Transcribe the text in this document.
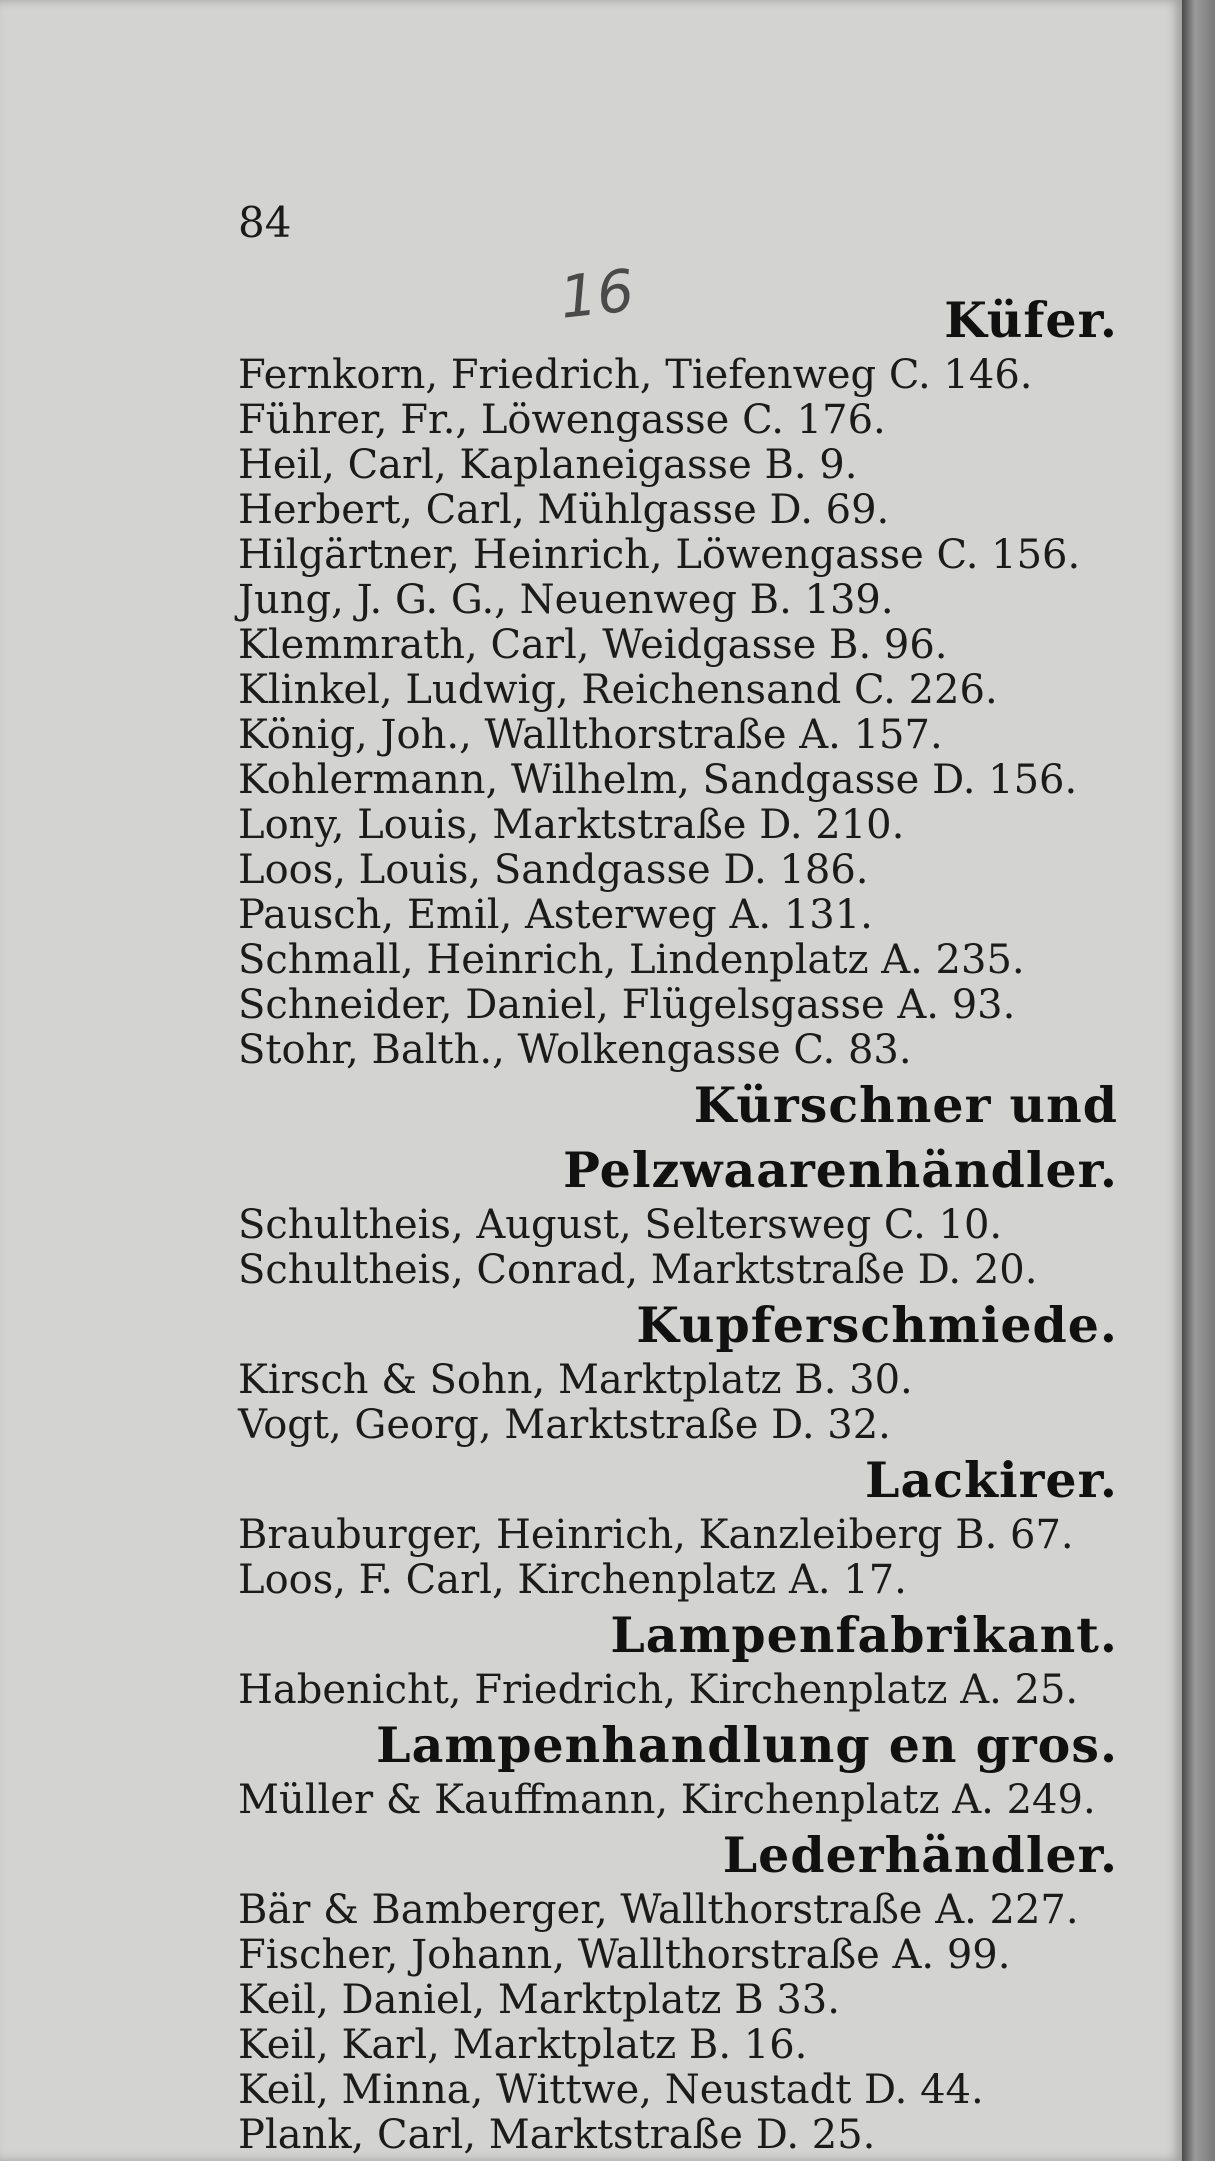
84
16	Küfer.
Fernkorn, Friedrich, Tiefenweg C. 146.
Führer, Fr., Löwengasse C. 176.
Heil, Carl, Kaplaneigasse B. 9.
Herbert, Carl, Mühlgasse D. 69.
Hilgärtner, Heinrich, Löwengasse C. 156.
Jung, J. G. G., Neuenweg B. 139.
Klemmrath, Carl, Weidgasse B. 96.
Klinkel, Ludwig, Reichensand C. 226.
König, Joh., Wallthorstraße A. 157.
Kohlermann, Wilhelm, Sandgasse D. 156.
Lony, Louis, Marktstraße D. 210.
Loos, Louis, Sandgasse D. 186.
Pausch, Emil, Asterweg A. 131.
Schmall, Heinrich, Lindenplatz A. 235.
Schneider, Daniel, Flügelsgasse A. 93.
Stohr, Balth., Wolkengasse C. 83.
Kürschner und Pelzwaarenhändler.
Schultheis, August, Seltersweg C. 10.
Schultheis, Conrad, Marktstraße D. 20.
Kupferschmiede.
Kirsch & Sohn, Marktplatz B. 30.
Vogt, Georg, Marktstraße D. 32.
Lackirer.
Brauburger, Heinrich, Kanzleiberg B. 67.
Loos, F. Carl, Kirchenplatz A. 17.
Lampenfabrikant.
Habenicht, Friedrich, Kirchenplatz A. 25.
Lampenhandlung en gros.
Müller & Kauffmann, Kirchenplatz A. 249.
Lederhändler.
Bär & Bamberger, Wallthorstraße A. 227.
Fischer, Johann, Wallthorstraße A. 99.
Keil, Daniel, Marktplatz B 33.
Keil, Karl, Marktplatz B. 16.
Keil, Minna, Wittwe, Neustadt D. 44.
Plank, Carl, Marktstraße D. 25.
